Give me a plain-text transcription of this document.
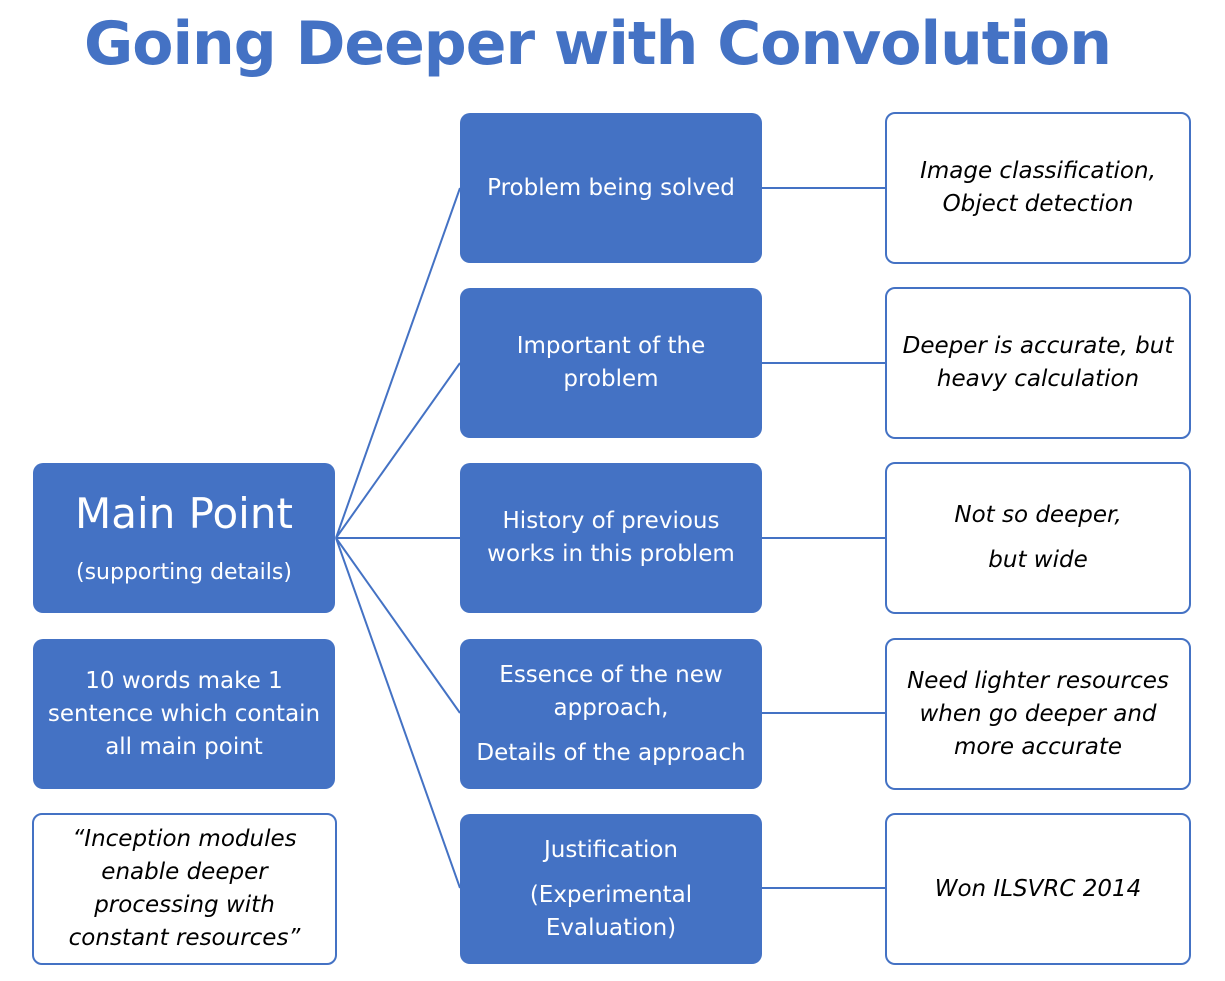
Going Deeper with Convolution
Main Point
(supporting details)
10 words make 1
sentence which contain
all main point
“Inception modules
enable deeper
processing with
constant resources”
Problem being solved
Important of the
problem
History of previous
works in this problem
Essence of the new
approach,
Details of the approach
Justification
(Experimental
Evaluation)
Image classification,
Object detection
Deeper is accurate, but
heavy calculation
Not so deeper,
but wide
Need lighter resources
when go deeper and
more accurate
Won ILSVRC 2014
